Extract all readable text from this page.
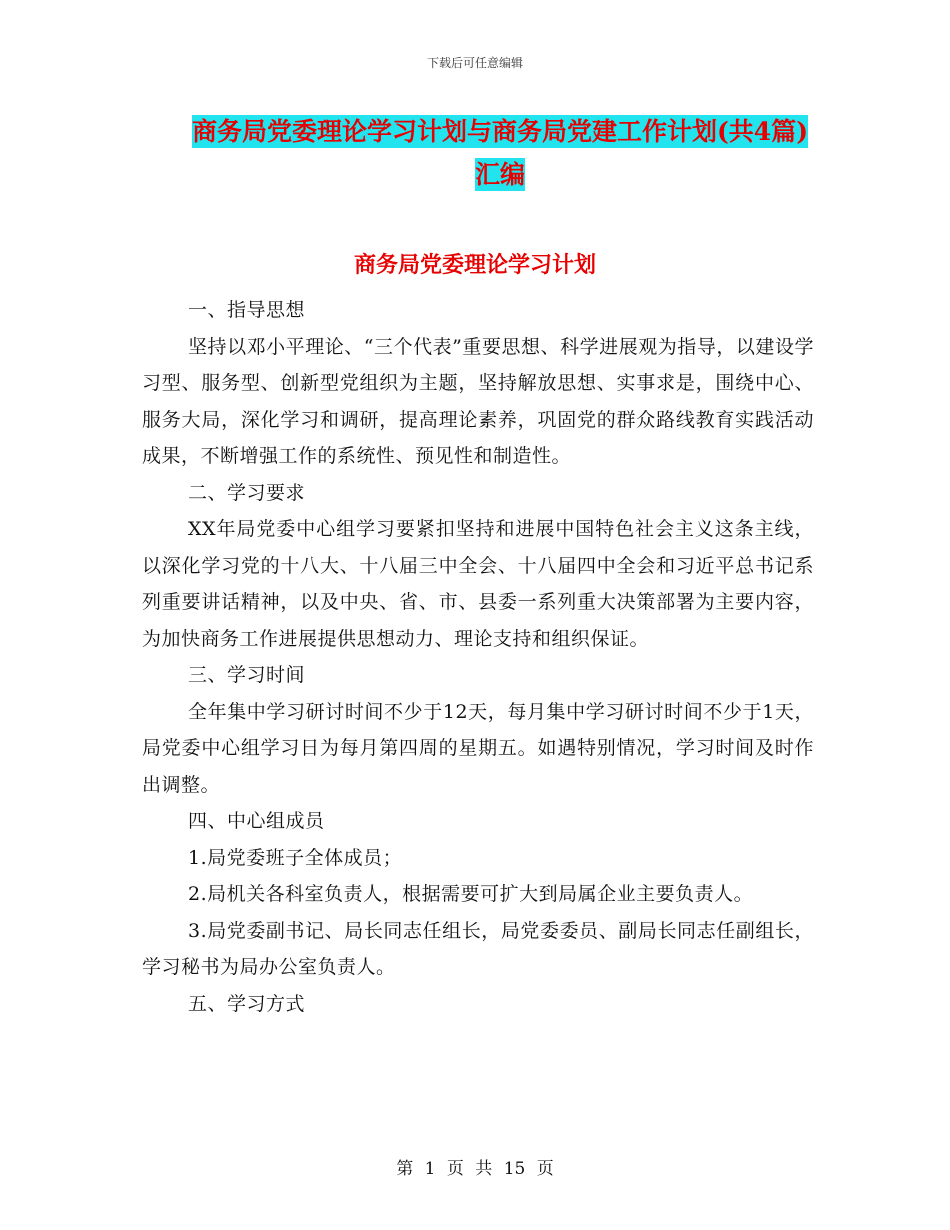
下载后可任意编辑
商务局党委理论学习计划与商务局党建工作计划(共4篇)汇编
商务局党委理论学习计划

一、指导思想

坚持以邓小平理论、“三个代表”重要思想、科学进展观为指导，以建设学习型、服务型、创新型党组织为主题，坚持解放思想、实事求是，围绕中心、服务大局，深化学习和调研，提高理论素养，巩固党的群众路线教育实践活动成果，不断增强工作的系统性、预见性和制造性。

二、学习要求

XX年局党委中心组学习要紧扣坚持和进展中国特色社会主义这条主线，以深化学习党的十八大、十八届三中全会、十八届四中全会和习近平总书记系列重要讲话精神，以及中央、省、市、县委一系列重大决策部署为主要内容，为加快商务工作进展提供思想动力、理论支持和组织保证。

三、学习时间

全年集中学习研讨时间不少于12天，每月集中学习研讨时间不少于1天，局党委中心组学习日为每月第四周的星期五。如遇特别情况，学习时间及时作出调整。

四、中心组成员

1.局党委班子全体成员；

2.局机关各科室负责人，根据需要可扩大到局属企业主要负责人。

3.局党委副书记、局长同志任组长，局党委委员、副局长同志任副组长，学习秘书为局办公室负责人。

五、学习方式

第 1 页 共 15 页
